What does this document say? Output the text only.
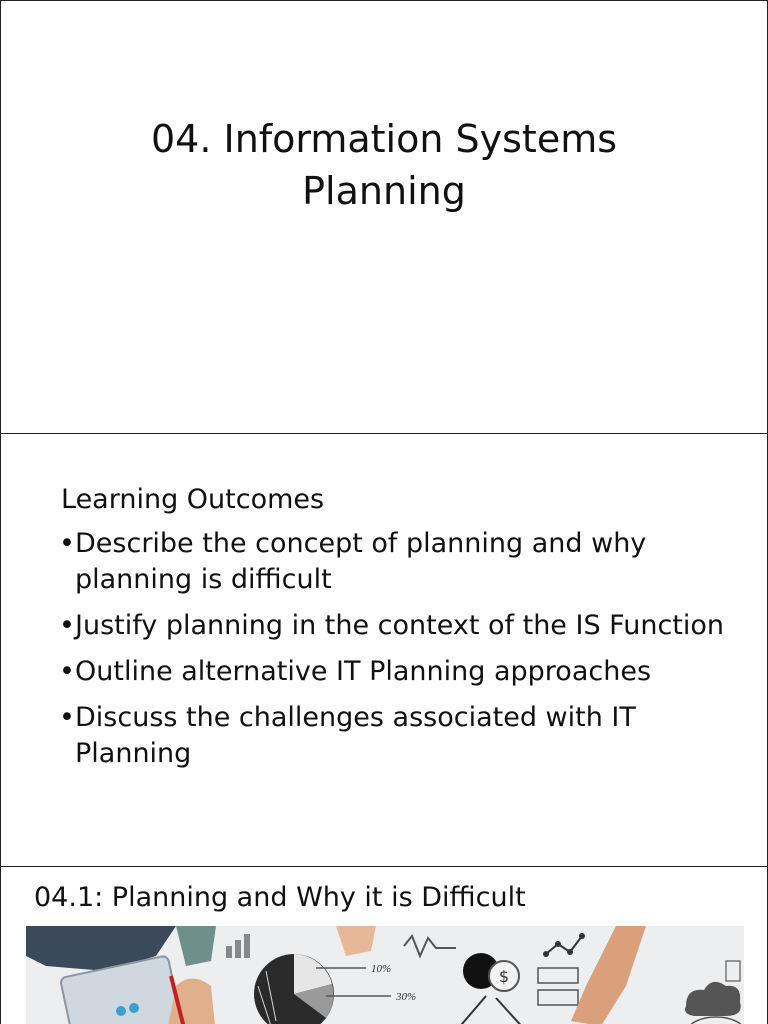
04. Information Systems
Planning
Learning Outcomes
• Describe the concept of planning and why planning is difficult
• Justify planning in the context of the IS Function
• Outline alternative IT Planning approaches
• Discuss the challenges associated with IT Planning
04.1: Planning and Why it is Difficult
10%
30%
$
